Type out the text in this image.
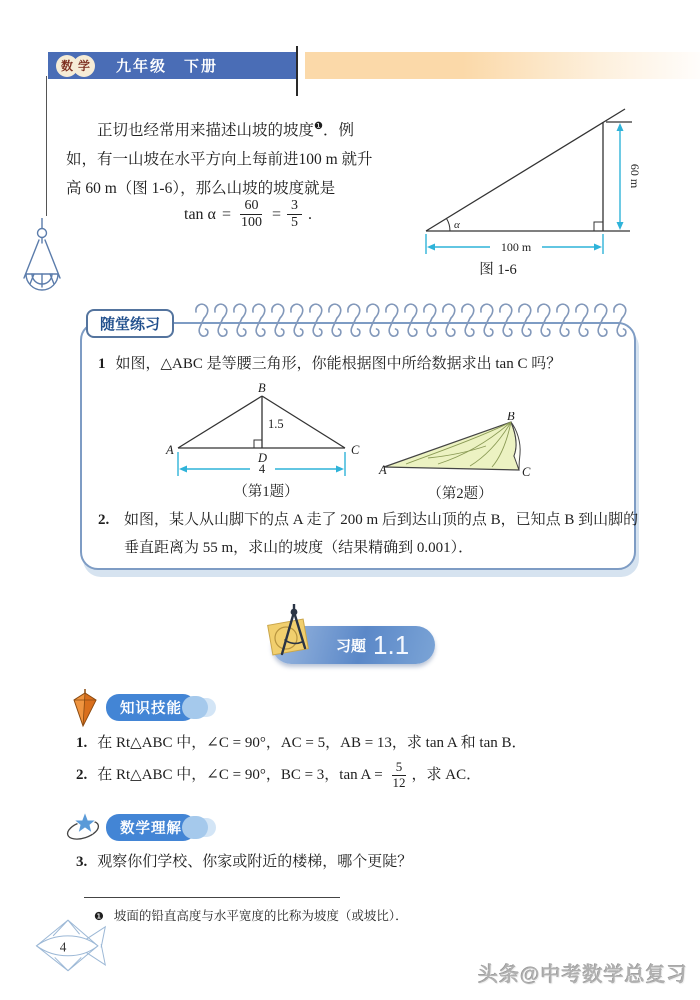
数 学	九年级　下册
正切也经常用来描述山坡的坡度$^❶$．例
如，有一山坡在水平方向上每前进100 m 就升
高 60 m（图 1-6），那么山坡的坡度就是
$\tan \alpha = \frac{60}{100} = \frac{3}{5}$ .
α
60 m
100 m
图 1-6
随堂练习
1 如图，△ABC 是等腰三角形，你能根据图中所给数据求出 tan C 吗？
A
B
C
D
1.5
4
（第1题）
A
B
C
（第2题）
2. 如图，某人从山脚下的点 A 走了 200 m 后到达山顶的点 B，已知点 B 到山脚的
垂直距离为 55 m，求山的坡度（结果精确到 0.001）．
习题 1.1
知识技能
1. 在 Rt△ABC 中，∠C = 90°，AC = 5，AB = 13，求 tan A 和 tan B．
2. 在 Rt△ABC 中，∠C = 90°，BC = 3，$\tan A = \frac{5}{12}$ ，求 AC．
数学理解
3. 观察你们学校、你家或附近的楼梯，哪个更陡？
❶ 坡面的铅直高度与水平宽度的比称为坡度（或坡比）．
4
头条@中考数学总复习
